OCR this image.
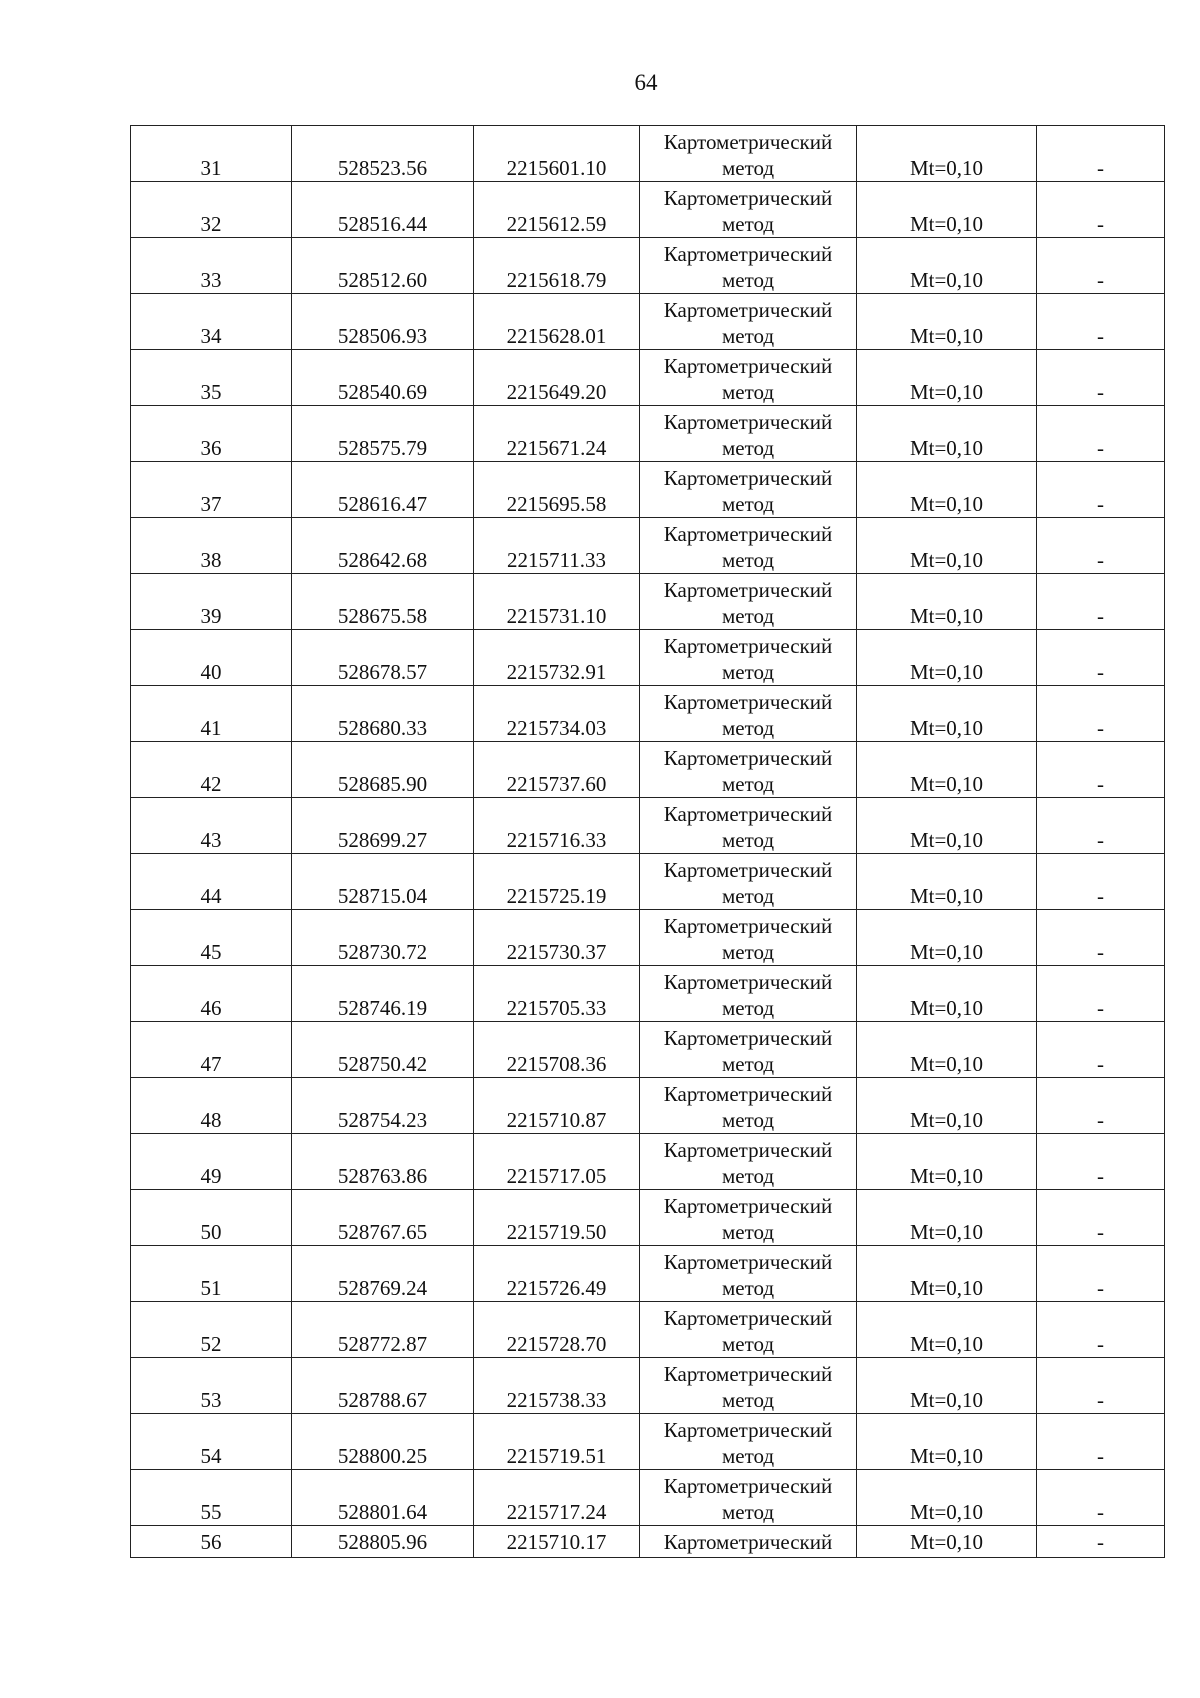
64
31	528523.56	2215601.10	Картометрический
метод	Mt=0,10	-
32	528516.44	2215612.59	Картометрический
метод	Mt=0,10	-
33	528512.60	2215618.79	Картометрический
метод	Mt=0,10	-
34	528506.93	2215628.01	Картометрический
метод	Mt=0,10	-
35	528540.69	2215649.20	Картометрический
метод	Mt=0,10	-
36	528575.79	2215671.24	Картометрический
метод	Mt=0,10	-
37	528616.47	2215695.58	Картометрический
метод	Mt=0,10	-
38	528642.68	2215711.33	Картометрический
метод	Mt=0,10	-
39	528675.58	2215731.10	Картометрический
метод	Mt=0,10	-
40	528678.57	2215732.91	Картометрический
метод	Mt=0,10	-
41	528680.33	2215734.03	Картометрический
метод	Mt=0,10	-
42	528685.90	2215737.60	Картометрический
метод	Mt=0,10	-
43	528699.27	2215716.33	Картометрический
метод	Mt=0,10	-
44	528715.04	2215725.19	Картометрический
метод	Mt=0,10	-
45	528730.72	2215730.37	Картометрический
метод	Mt=0,10	-
46	528746.19	2215705.33	Картометрический
метод	Mt=0,10	-
47	528750.42	2215708.36	Картометрический
метод	Mt=0,10	-
48	528754.23	2215710.87	Картометрический
метод	Mt=0,10	-
49	528763.86	2215717.05	Картометрический
метод	Mt=0,10	-
50	528767.65	2215719.50	Картометрический
метод	Mt=0,10	-
51	528769.24	2215726.49	Картометрический
метод	Mt=0,10	-
52	528772.87	2215728.70	Картометрический
метод	Mt=0,10	-
53	528788.67	2215738.33	Картометрический
метод	Mt=0,10	-
54	528800.25	2215719.51	Картометрический
метод	Mt=0,10	-
55	528801.64	2215717.24	Картометрический
метод	Mt=0,10	-
56	528805.96	2215710.17	Картометрический	Mt=0,10	-
